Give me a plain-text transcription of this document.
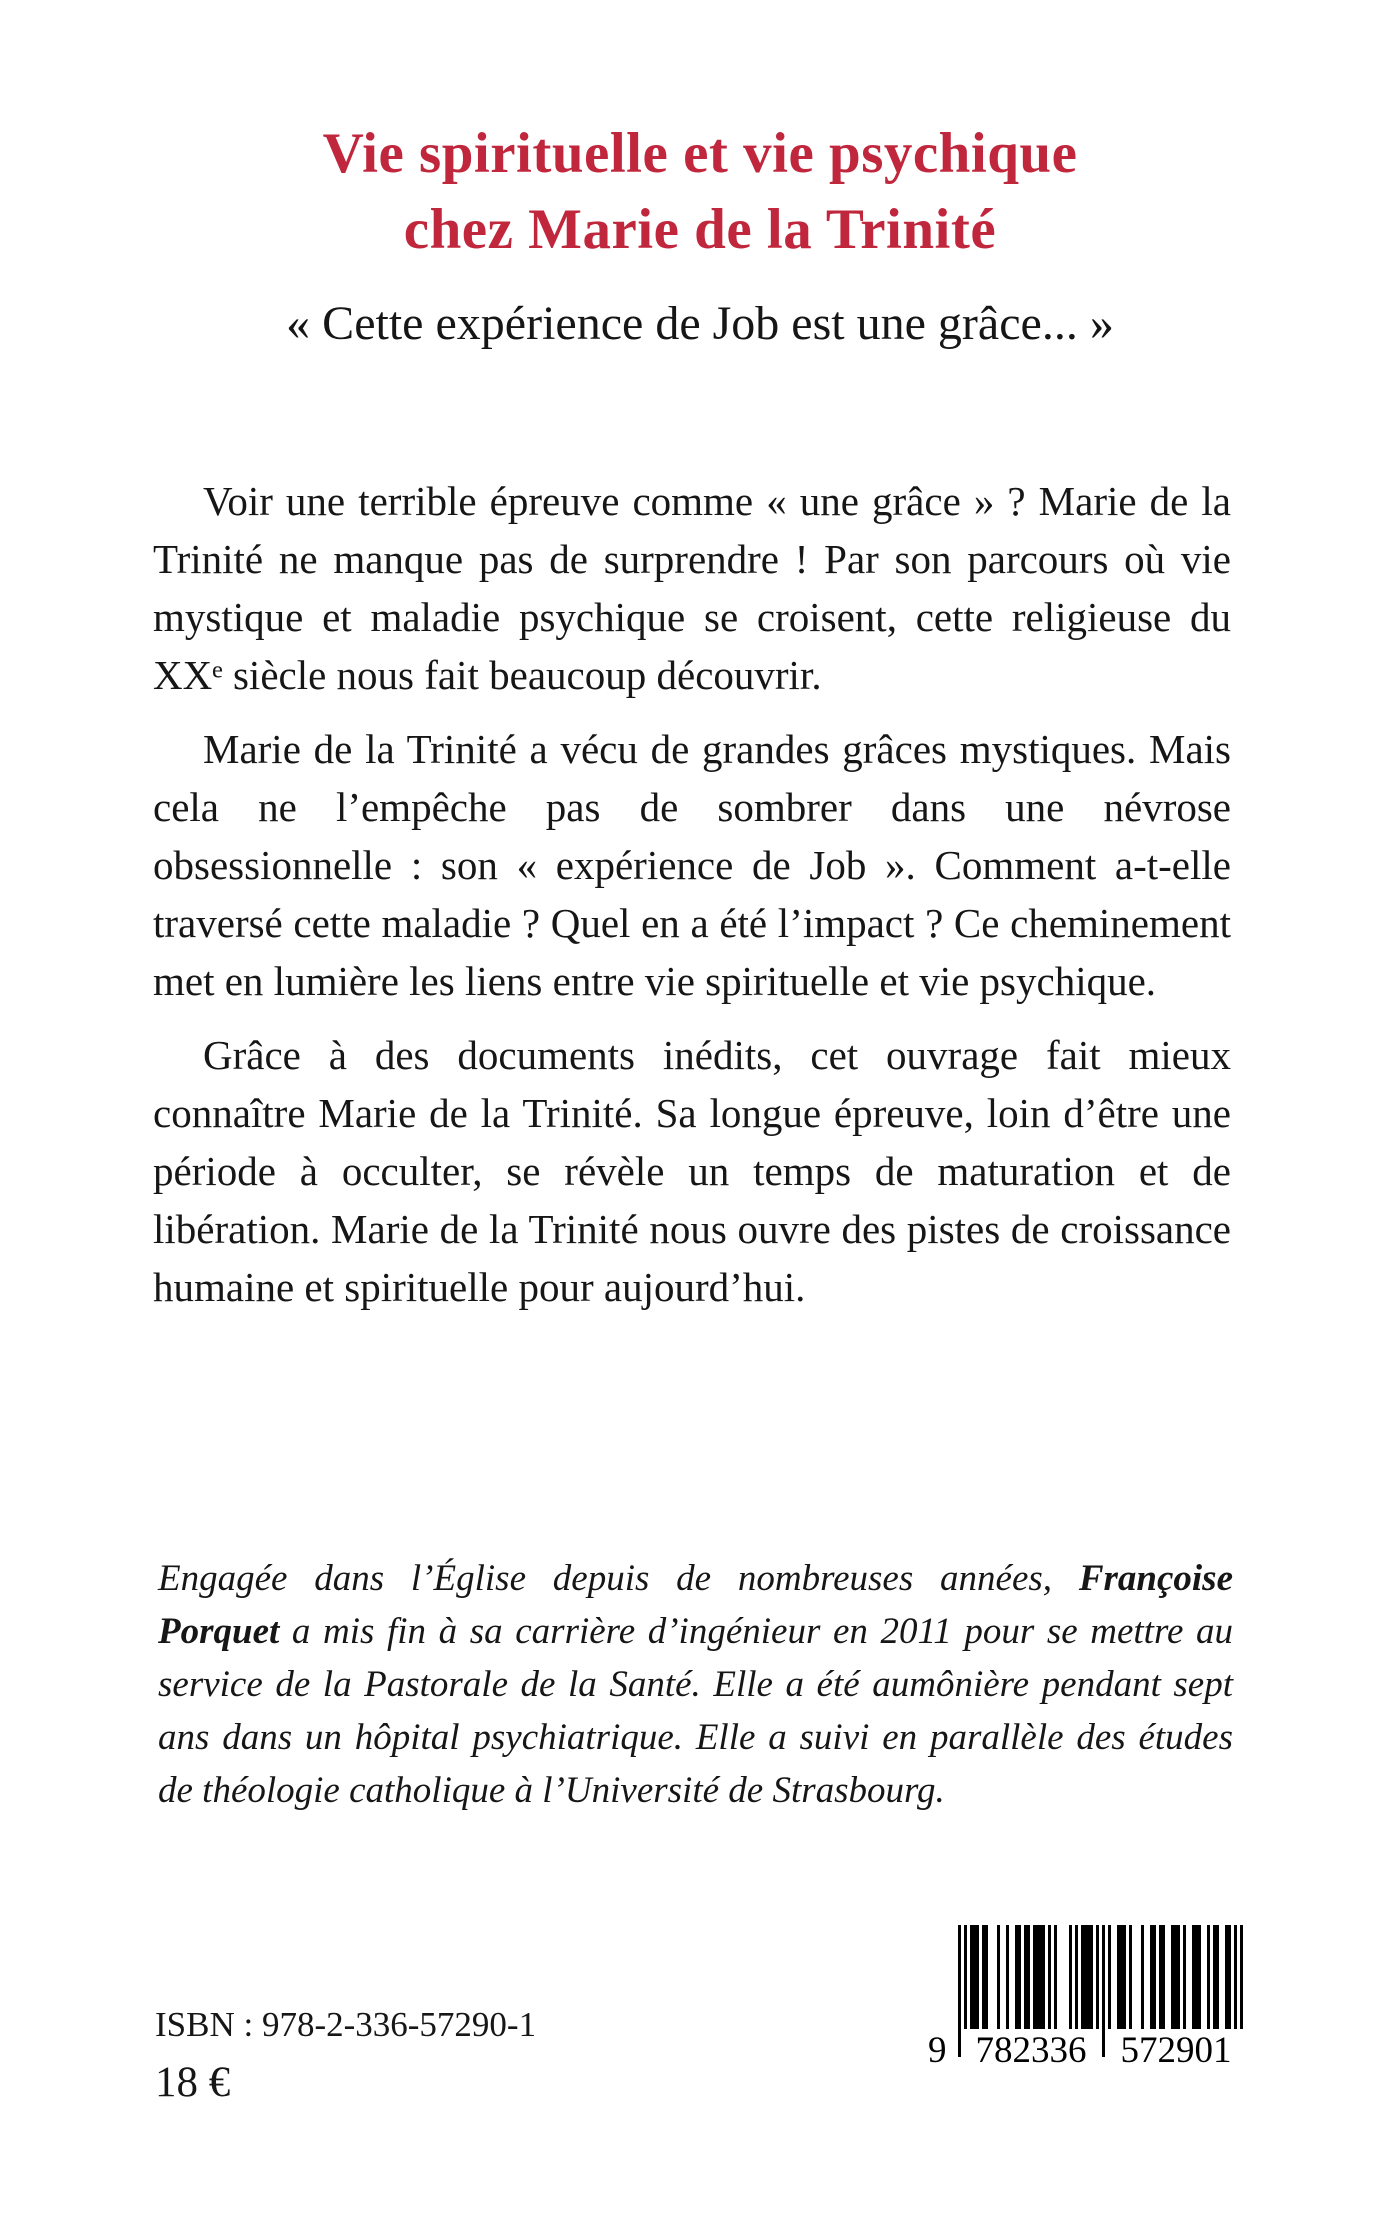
Vie spirituelle et vie psychique
chez Marie de la Trinité
« Cette expérience de Job est une grâce... »

Voir une terrible épreuve comme « une grâce » ? Marie de la Trinité ne manque pas de surprendre ! Par son parcours où vie mystique et maladie psychique se croisent, cette religieuse du XXᵉ siècle nous fait beaucoup découvrir.

Marie de la Trinité a vécu de grandes grâces mystiques. Mais cela ne l’empêche pas de sombrer dans une névrose obsessionnelle : son « expérience de Job ». Comment a-t-elle traversé cette maladie ? Quel en a été l’impact ? Ce cheminement met en lumière les liens entre vie spirituelle et vie psychique.

Grâce à des documents inédits, cet ouvrage fait mieux connaître Marie de la Trinité. Sa longue épreuve, loin d’être une période à occulter, se révèle un temps de maturation et de libération. Marie de la Trinité nous ouvre des pistes de croissance humaine et spirituelle pour aujourd’hui.

Engagée dans l’Église depuis de nombreuses années, Françoise Porquet a mis fin à sa carrière d’ingénieur en 2011 pour se mettre au service de la Pastorale de la Santé. Elle a été aumônière pendant sept ans dans un hôpital psychiatrique. Elle a suivi en parallèle des études de théologie catholique à l’Université de Strasbourg.
ISBN : 978-2-336-57290-1
18 €
9 782336 572901
